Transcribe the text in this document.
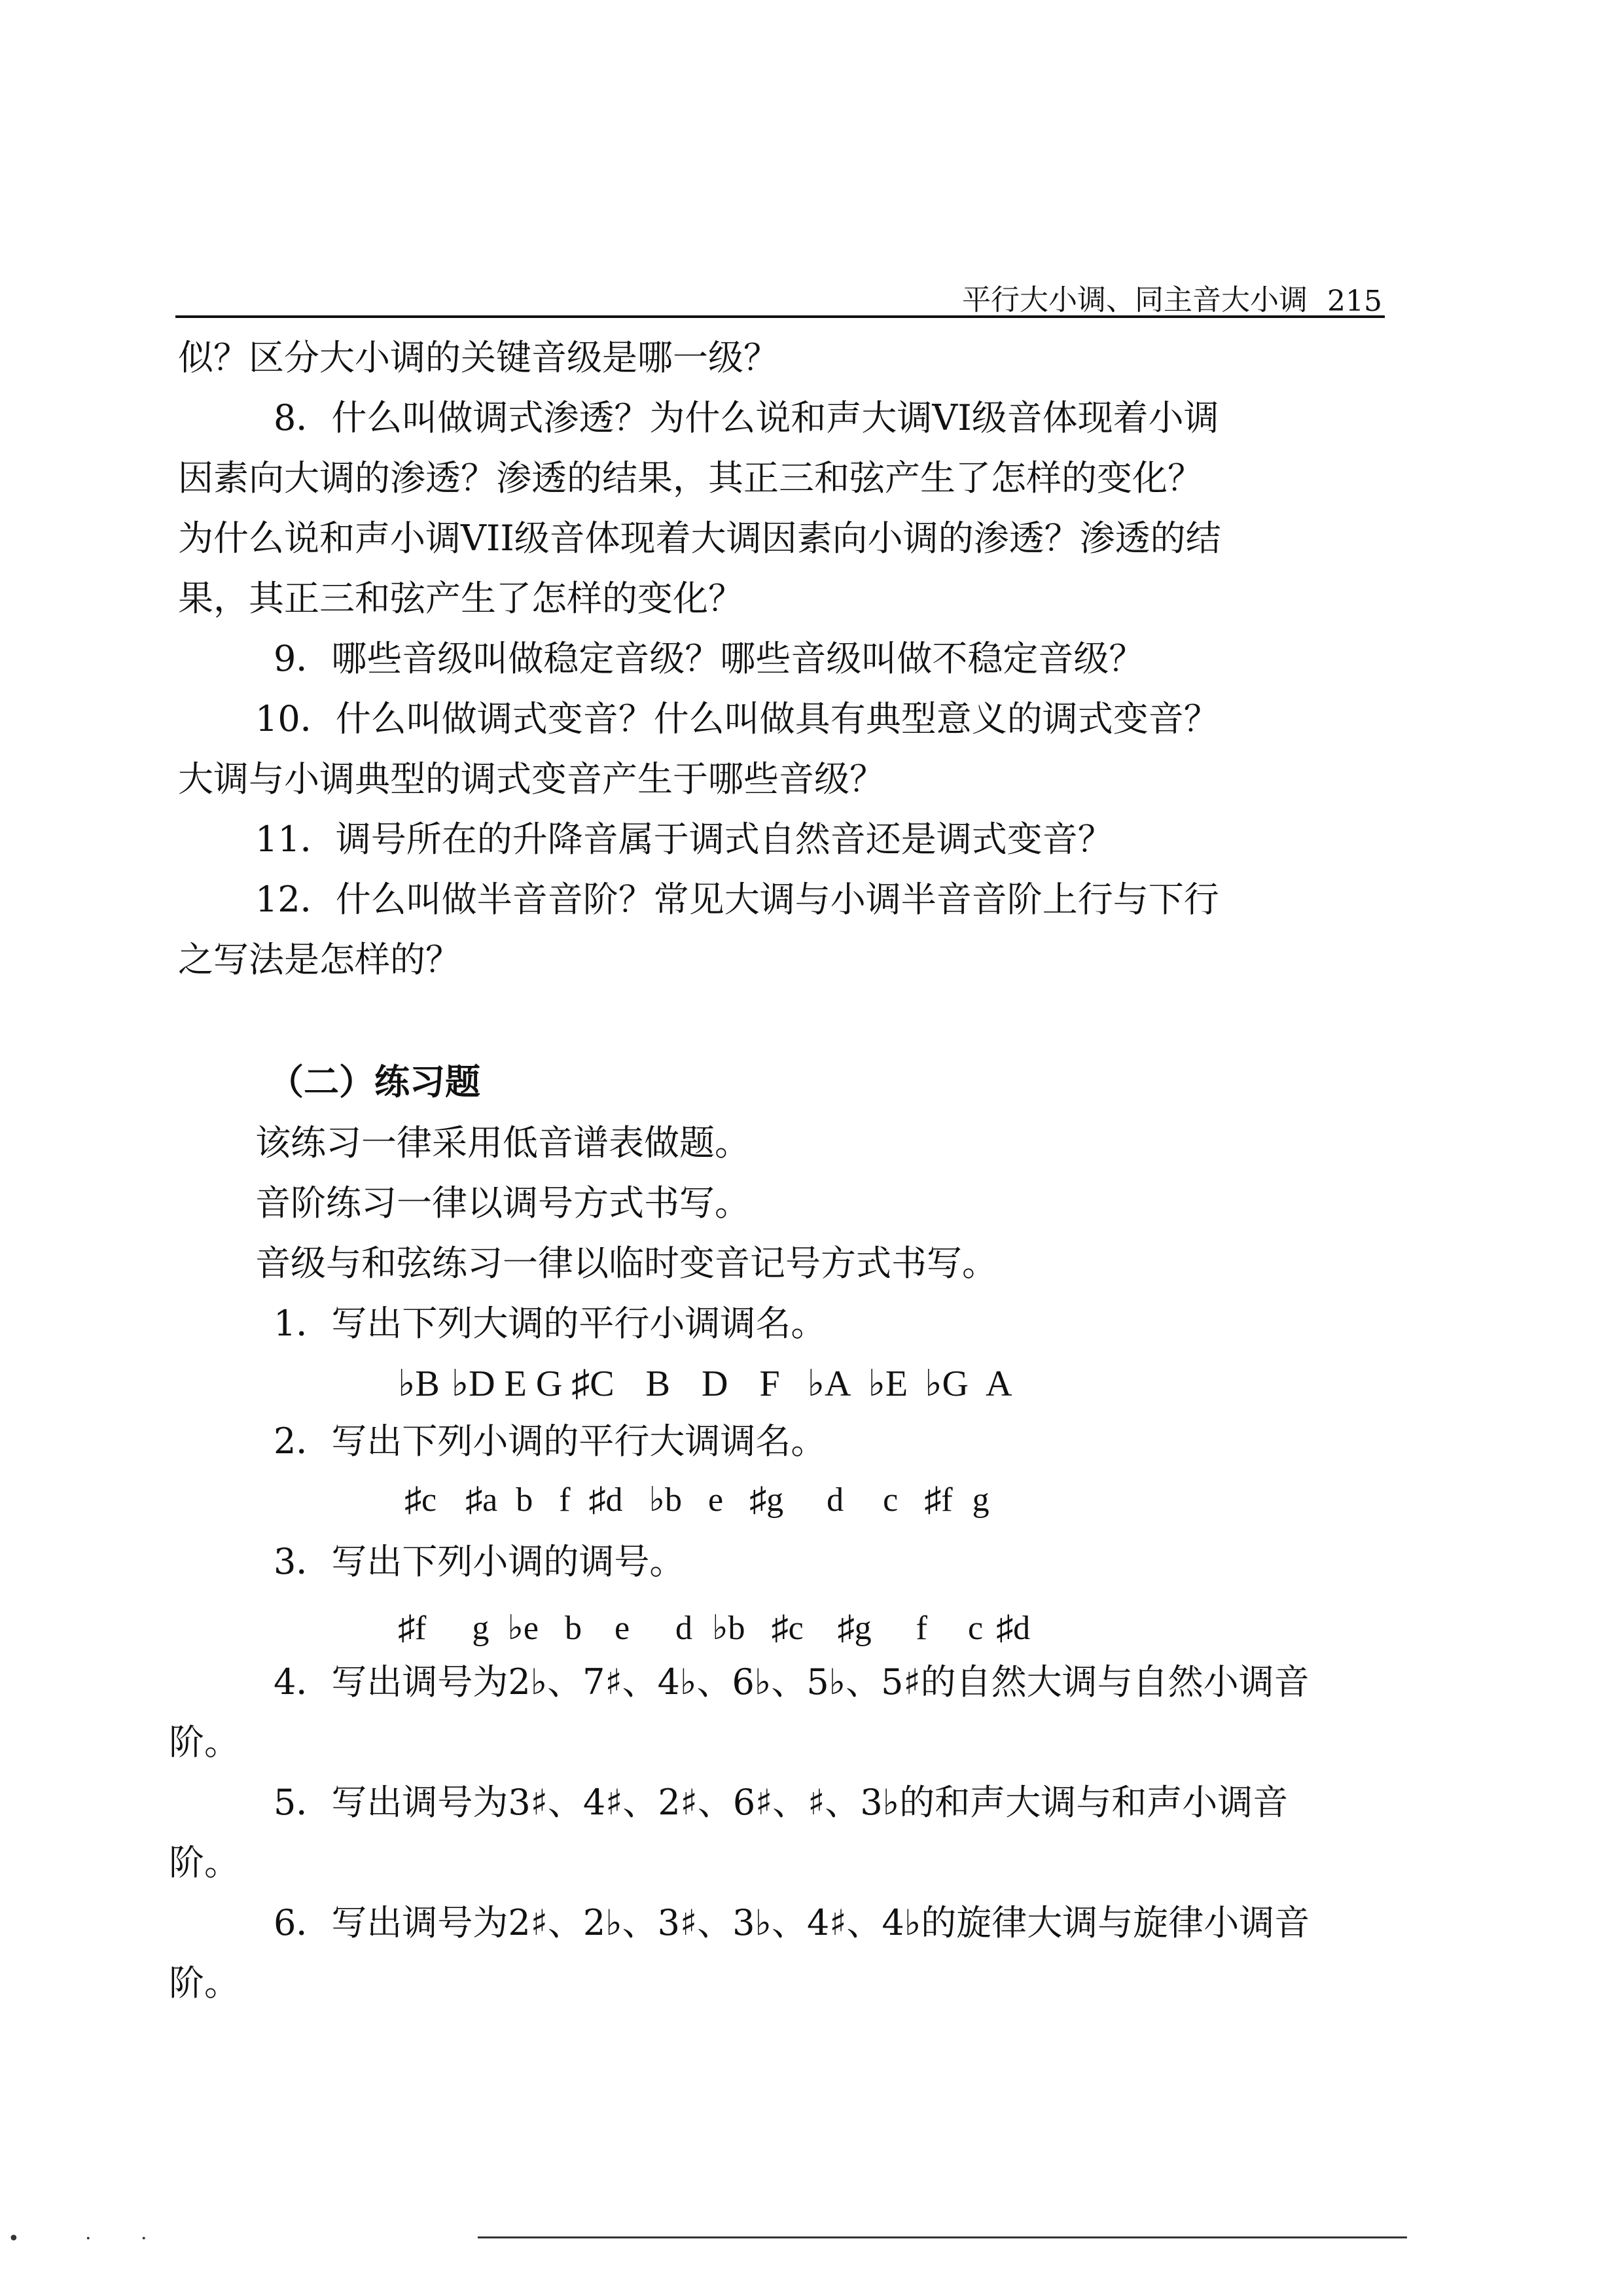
平行大小调、同主音大小调 215
似？区分大小调的关键音级是哪一级？
8．什么叫做调式渗透？为什么说和声大调VI级音体现着小调
因素向大调的渗透？渗透的结果，其正三和弦产生了怎样的变化？
为什么说和声小调VII级音体现着大调因素向小调的渗透？渗透的结
果，其正三和弦产生了怎样的变化？
9．哪些音级叫做稳定音级？哪些音级叫做不稳定音级？
10．什么叫做调式变音？什么叫做具有典型意义的调式变音？
大调与小调典型的调式变音产生于哪些音级？
11．调号所在的升降音属于调式自然音还是调式变音？
12．什么叫做半音音阶？常见大调与小调半音音阶上行与下行
之写法是怎样的？
（二）练习题
该练习一律采用低音谱表做题。
音阶练习一律以调号方式书写。
音级与和弦练习一律以临时变音记号方式书写。
1．写出下列大调的平行小调调名。
♭B ♭D E G ♯C B D F ♭A ♭E ♭G A
2．写出下列小调的平行大调调名。
♯c ♯a b f ♯d ♭b e ♯g d c ♯f g
3．写出下列小调的调号。
♯f g ♭e b e d ♭b ♯c ♯g f c ♯d
4．写出调号为2♭、7♯、4♭、6♭、5♭、5♯的自然大调与自然小调音
阶。
5．写出调号为3♯、4♯、2♯、6♯、♯、3♭的和声大调与和声小调音
阶。
6．写出调号为2♯、2♭、3♯、3♭、4♯、4♭的旋律大调与旋律小调音
阶。
•	·	·
